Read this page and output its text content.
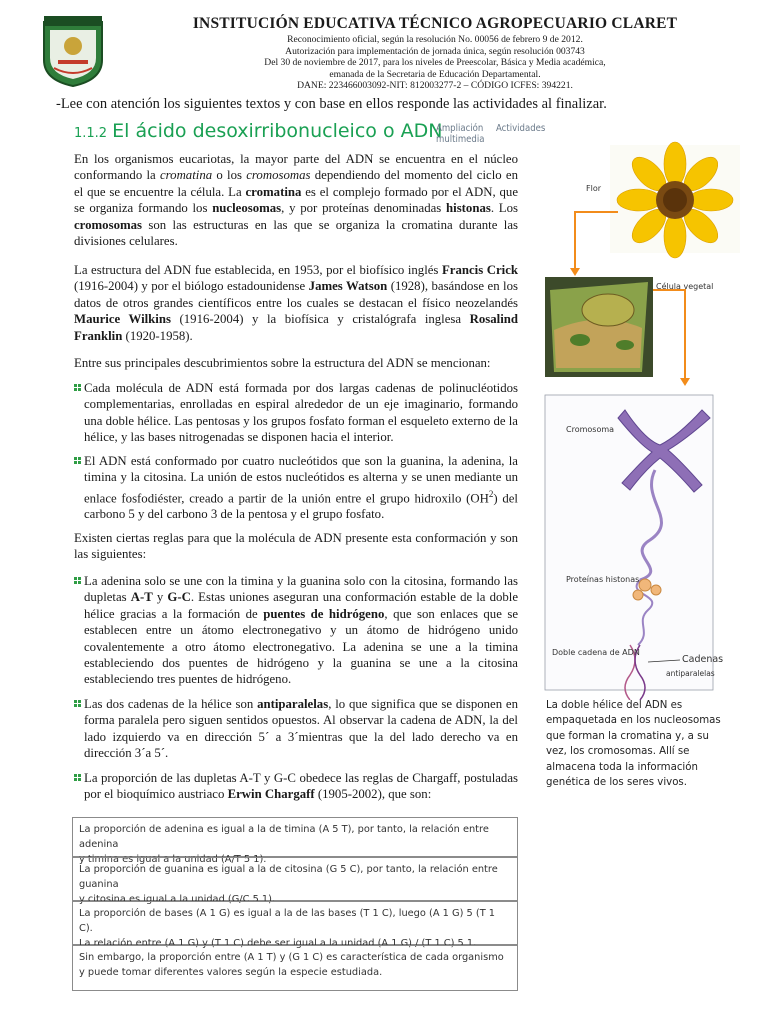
INSTITUCIÓN EDUCATIVA TÉCNICO AGROPECUARIO CLARET
Reconocimiento oficial, según la resolución No. 00056 de febrero 9 de 2012.
Autorización para implementación de jornada única, según resolución 003743
Del 30 de noviembre de 2017, para los niveles de Preescolar, Básica y Media académica,
emanada de la Secretaria de Educación Departamental.
DANE: 223466003092-NIT: 812003277-2 – CÓDIGO ICFES: 394221.
-Lee con atención los siguientes textos y con base en ellos responde las actividades al finalizar.
1.1.2 El ácido desoxirribonucleico o ADN
Ampliación multimedia
Actividades

En los organismos eucariotas, la mayor parte del ADN se encuentra en el núcleo conformando la cromatina o los cromosomas dependiendo del momento del ciclo en el que se encuentre la célula. La cromatina es el complejo formado por el ADN, que se organiza formando los nucleosomas, y por proteínas denominadas histonas. Los cromosomas son las estructuras en las que se organiza la cromatina durante las divisiones celulares.

La estructura del ADN fue establecida, en 1953, por el biofísico inglés Francis Crick (1916-2004) y por el biólogo estadounidense James Watson (1928), basándose en los datos de otros grandes científicos entre los cuales se destacan el físico neozelandés Maurice Wilkins (1916-2004) y la biofísica y cristalógrafa inglesa Rosalind Franklin (1920-1958).

Entre sus principales descubrimientos sobre la estructura del ADN se mencionan:
Cada molécula de ADN está formada por dos largas cadenas de polinucléotidos complementarias, enrolladas en espiral alrededor de un eje imaginario, formando una doble hélice. Las pentosas y los grupos fosfato forman el esqueleto externo de la hélice, y las bases nitrogenadas se disponen hacia el interior.
El ADN está conformado por cuatro nucleótidos que son la guanina, la adenina, la timina y la citosina. La unión de estos nucleótidos es alterna y se unen mediante un enlace fosfodiéster, creado a partir de la unión entre el grupo hidroxilo $(OH^2)$ del carbono 5 y del carbono 3 de la pentosa y el grupo fosfato.
Existen ciertas reglas para que la molécula de ADN presente esta conformación y son las siguientes:
La adenina solo se une con la timina y la guanina solo con la citosina, formando las dupletas A-T y G-C. Estas uniones aseguran una conformación estable de la doble hélice gracias a la formación de puentes de hidrógeno, que son enlaces que se establecen entre un átomo electronegativo y un átomo de hidrógeno unido covalentemente a otro átomo electronegativo. La adenina se une a la timina estableciendo dos puentes de hidrógeno y la guanina se une a la citosina estableciendo tres puentes de hidrógeno.
Las dos cadenas de la hélice son antiparalelas, lo que significa que se disponen en forma paralela pero siguen sentidos opuestos. Al observar la cadena de ADN, la del lado izquierdo va en dirección 5´ a 3´mientras que la del lado derecho va en dirección 3´a 5´.
La proporción de las dupletas A-T y G-C obedece las reglas de Chargaff, postuladas por el bioquímico austriaco Erwin Chargaff (1905-2002), que son:
La proporción de adenina es igual a la de timina (A 5 T), por tanto, la relación entre adenina
y timina es igual a la unidad (A/T 5 1).
La proporción de guanina es igual a la de citosina (G 5 C), por tanto, la relación entre guanina
y citosina es igual a la unidad (G/C 5 1).
La proporción de bases (A 1 G) es igual a la de las bases (T 1 C), luego (A 1 G) 5 (T 1 C).
La relación entre (A 1 G) y (T 1 C) debe ser igual a la unidad (A 1 G) / (T 1 C) 5 1.
Sin embargo, la proporción entre (A 1 T) y (G 1 C) es característica de cada organismo
y puede tomar diferentes valores según la especie estudiada.
Flor
Célula vegetal
Cromosoma
Proteínas histonas
Doble cadena de ADN
Cadenas
antiparalelas
La doble hélice del ADN es empaquetada en los nucleosomas que forman la cromatina y, a su vez, los cromosomas. Allí se almacena toda la información genética de los seres vivos.
